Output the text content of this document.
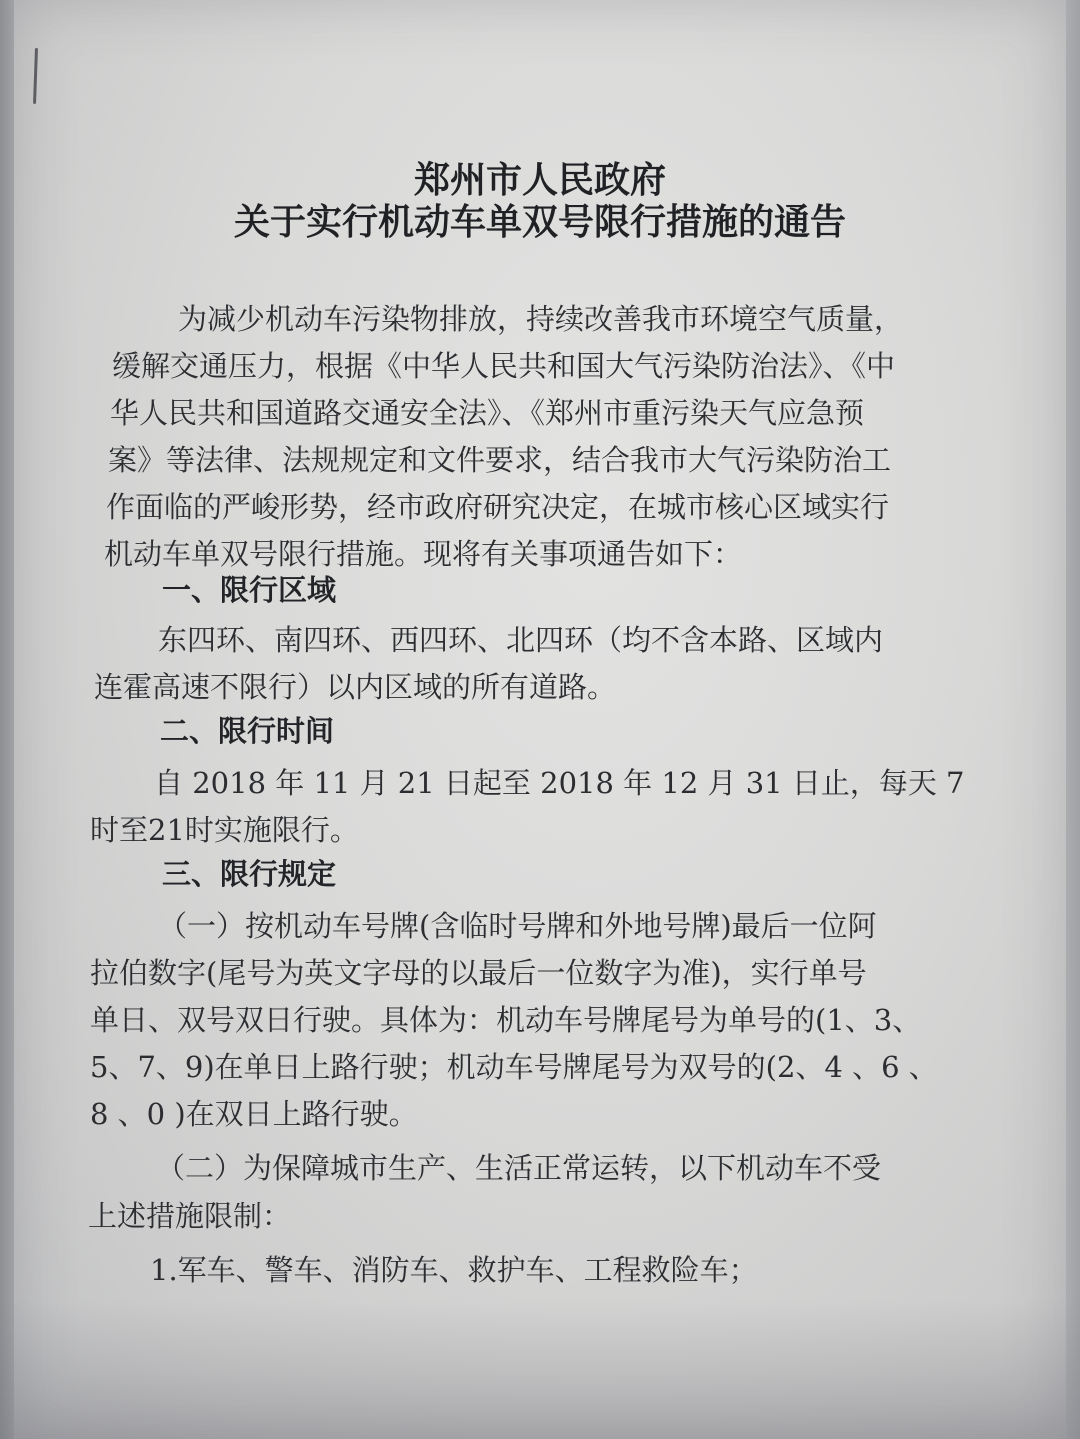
郑州市人民政府
关于实行机动车单双号限行措施的通告
为减少机动车污染物排放，持续改善我市环境空气质量，
缓解交通压力，根据《中华人民共和国大气污染防治法》、《中
华人民共和国道路交通安全法》、《郑州市重污染天气应急预
案》等法律、法规规定和文件要求，结合我市大气污染防治工
作面临的严峻形势，经市政府研究决定，在城市核心区域实行
机动车单双号限行措施。现将有关事项通告如下：
一、限行区域
东四环、南四环、西四环、北四环（均不含本路、区域内
连霍高速不限行）以内区域的所有道路。
二、限行时间
自 2018 年 11 月 21 日起至 2018 年 12 月 31 日止，每天 7
时至21时实施限行。
三、限行规定
（一）按机动车号牌(含临时号牌和外地号牌)最后一位阿
拉伯数字(尾号为英文字母的以最后一位数字为准)，实行单号
单日、双号双日行驶。具体为：机动车号牌尾号为单号的(1、3、
5、7、9)在单日上路行驶；机动车号牌尾号为双号的(2、4 、6 、
8 、0 )在双日上路行驶。
（二）为保障城市生产、生活正常运转，以下机动车不受
上述措施限制：
1.军车、警车、消防车、救护车、工程救险车；
